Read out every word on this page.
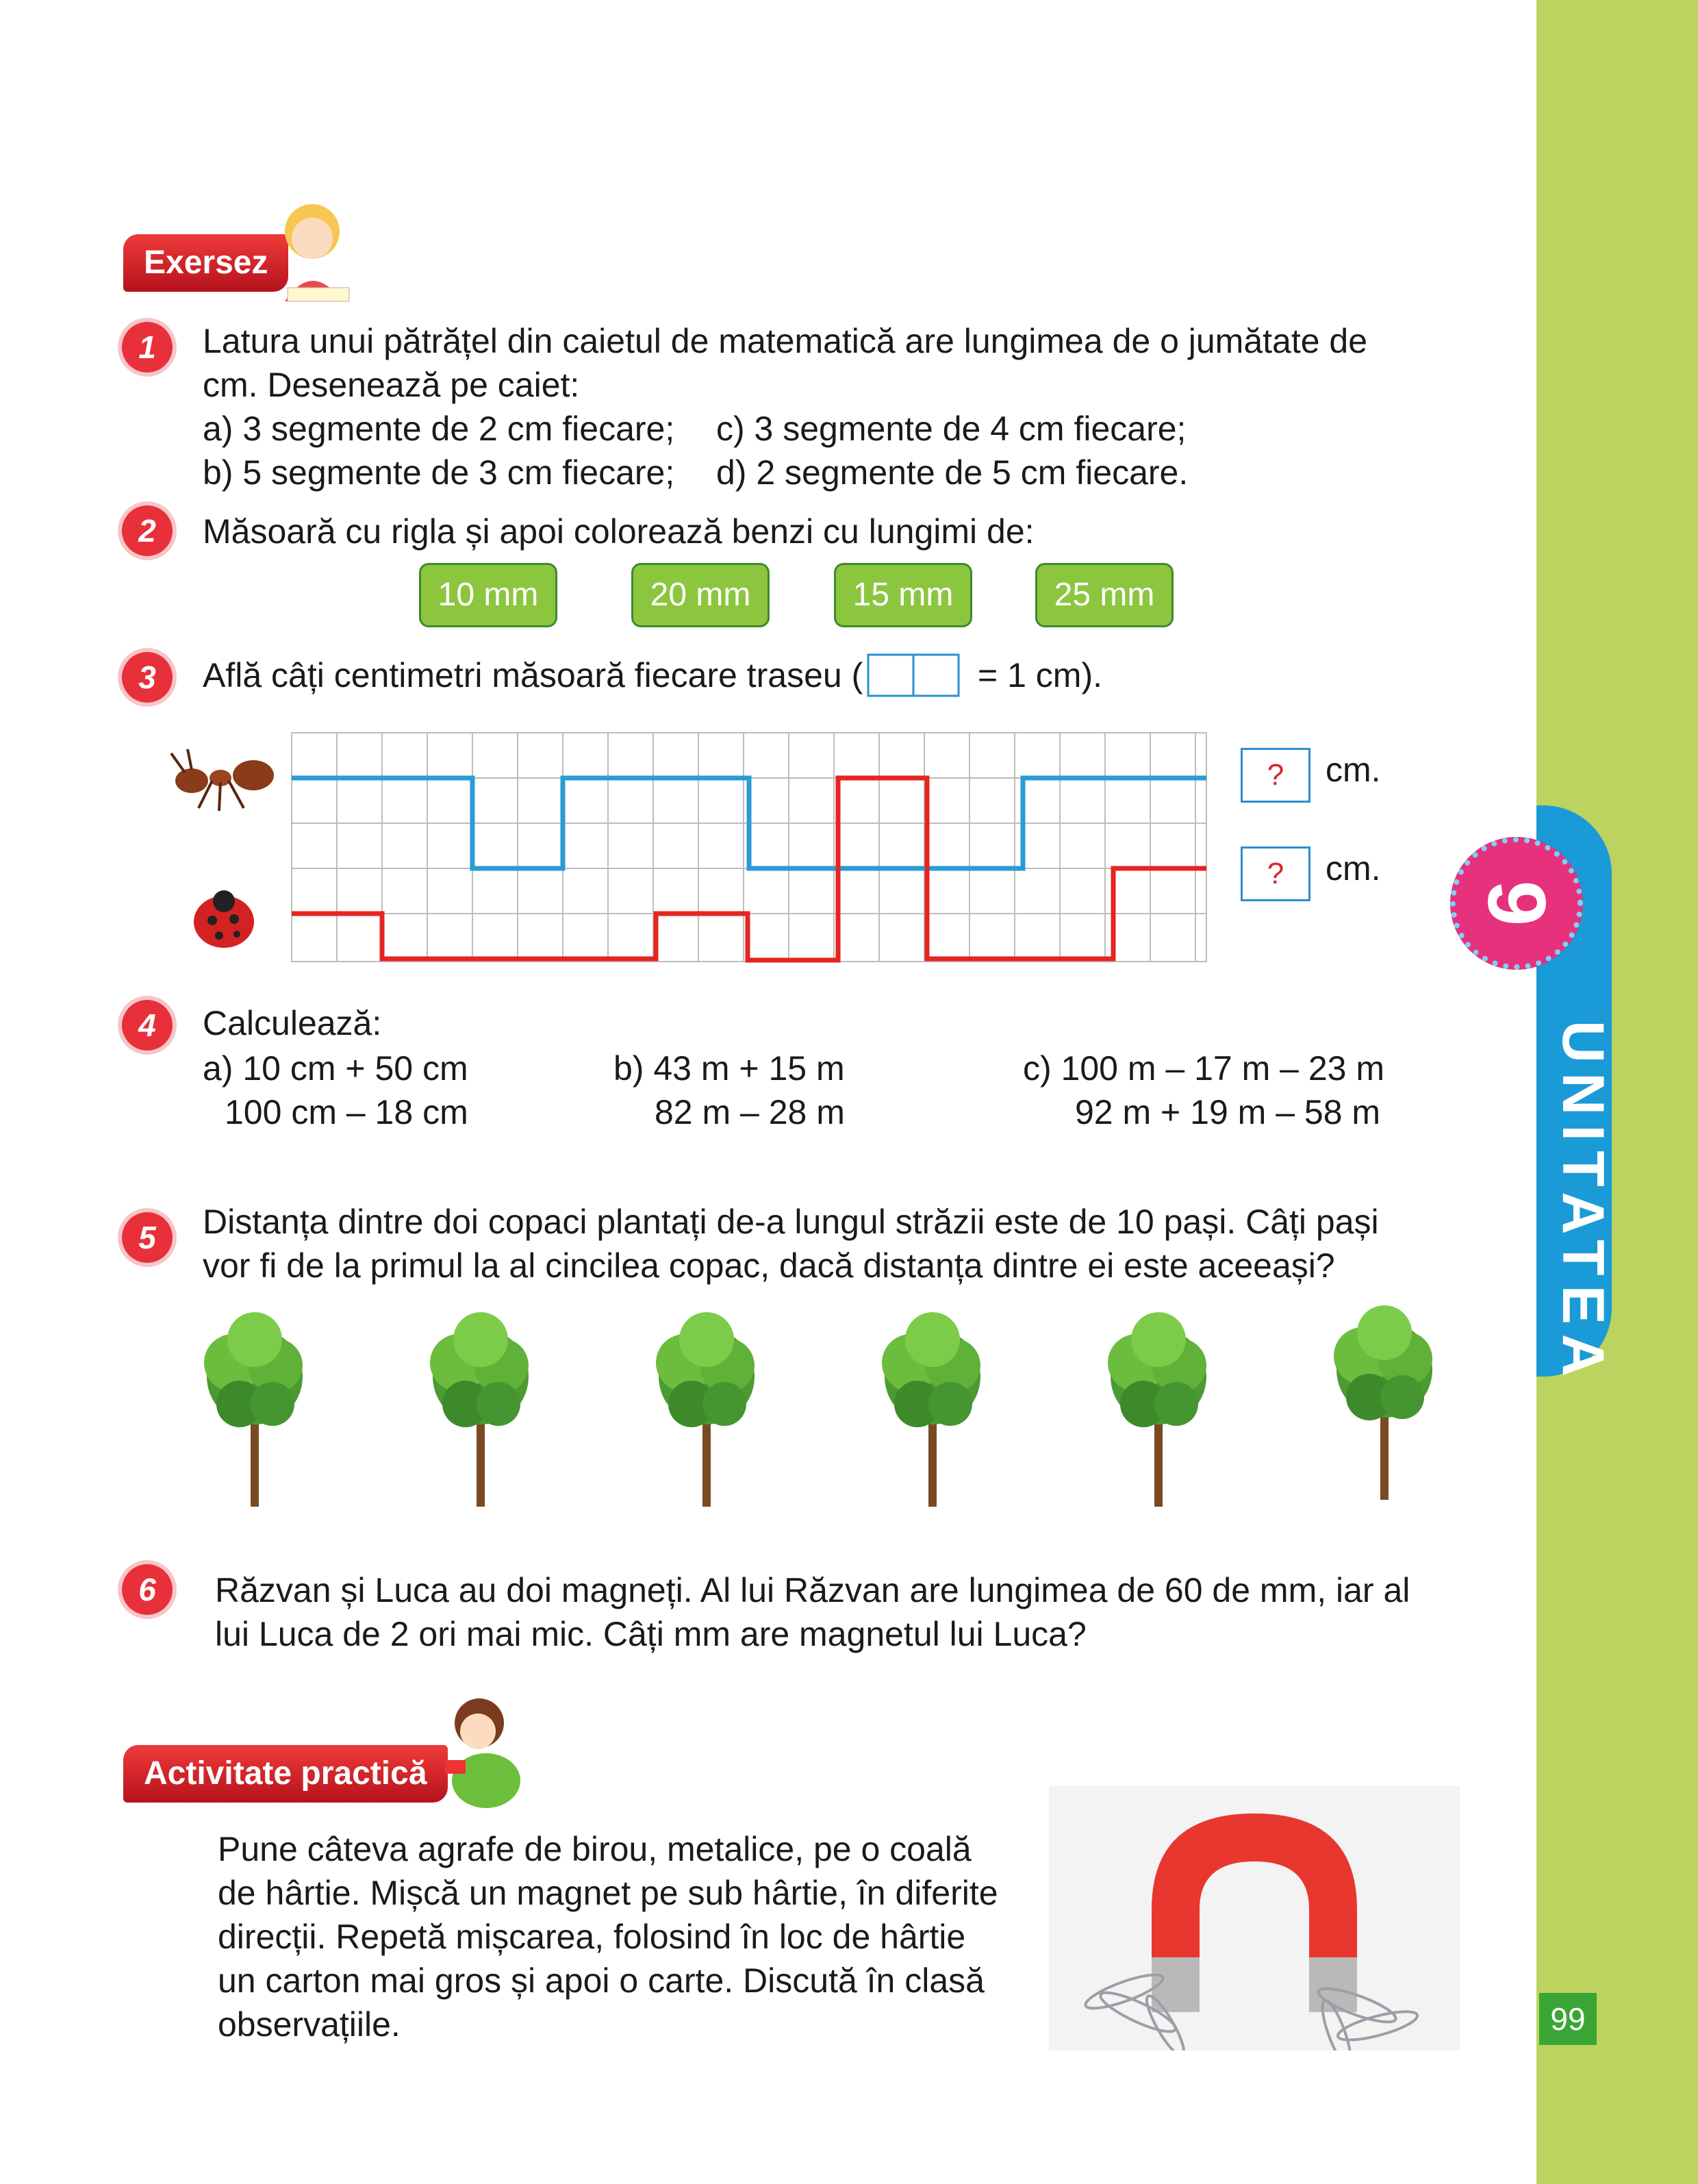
UNITATEA
9
99
Exersez
1	Latura unui pătrățel din caietul de matematică are lungimea de o jumătate de
cm. Desenează pe caiet:
a) 3 segmente de 2 cm fiecare; c) 3 segmente de 4 cm fiecare;
b) 5 segmente de 3 cm fiecare; d) 2 segmente de 5 cm fiecare.
2	Măsoară cu rigla și apoi colorează benzi cu lungimi de:
10 mm	20 mm	15 mm	25 mm
3	Află câți centimetri măsoară fiecare traseu (	= 1 cm).
?	cm.
?	cm.
4	Calculează:
a) 10 cm + 50 cm
100 cm – 18 cm
b) 43 m + 15 m
82 m – 28 m
c) 100 m – 17 m – 23 m
92 m + 19 m – 58 m
5	Distanța dintre doi copaci plantați de-a lungul străzii este de 10 pași. Câți pași
vor fi de la primul la al cincilea copac, dacă distanța dintre ei este aceeași?
6	Răzvan și Luca au doi magneți. Al lui Răzvan are lungimea de 60 de mm, iar al
lui Luca de 2 ori mai mic. Câți mm are magnetul lui Luca?
Activitate practică
Pune câteva agrafe de birou, metalice, pe o coală
de hârtie. Mișcă un magnet pe sub hârtie, în diferite
direcții. Repetă mișcarea, folosind în loc de hârtie
un carton mai gros și apoi o carte. Discută în clasă
observațiile.
